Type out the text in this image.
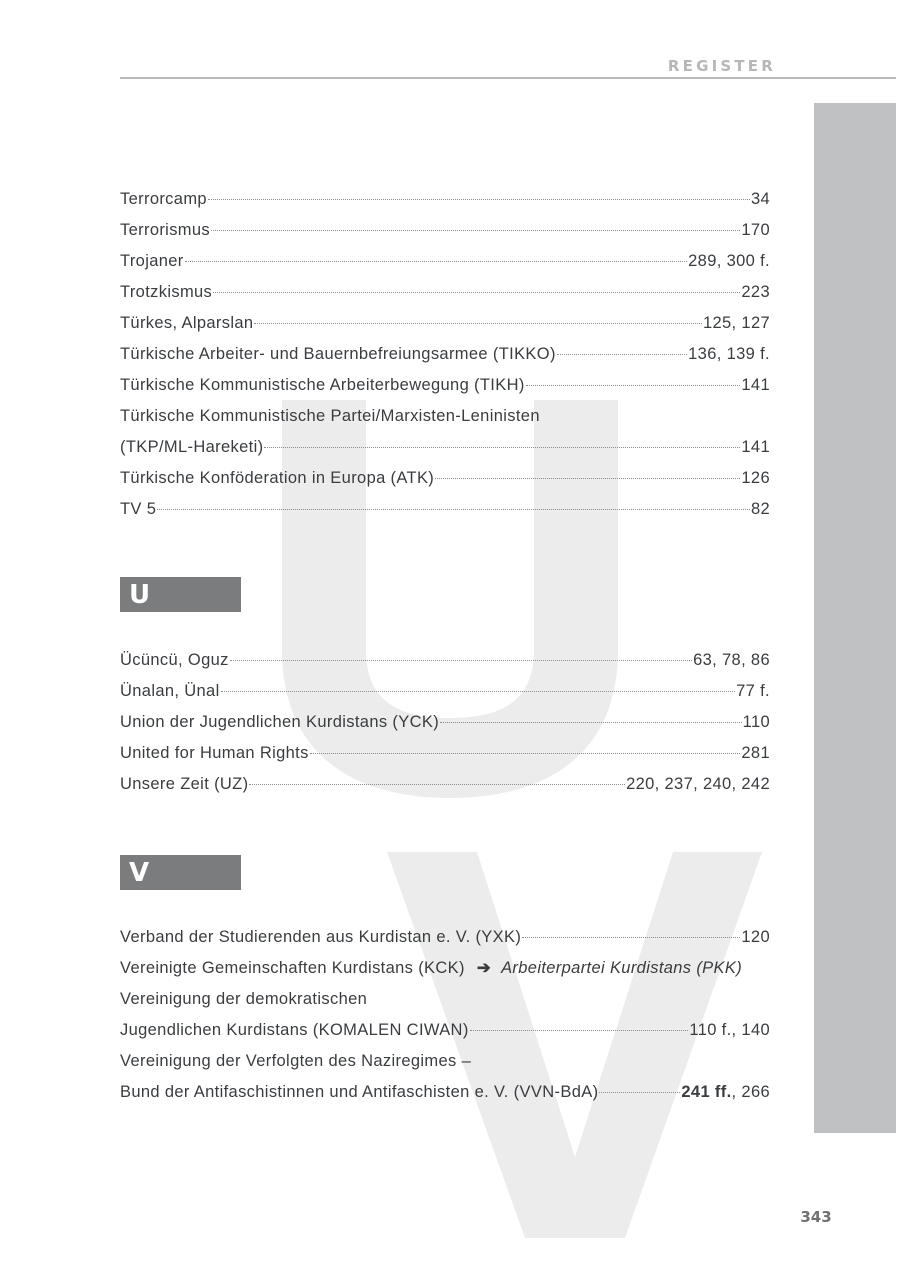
REGISTER
Terrorcamp	34
Terrorismus	170
Trojaner	289, 300 f.
Trotzkismus	223
Türkes, Alparslan	125, 127
Türkische Arbeiter- und Bauernbefreiungsarmee (TIKKO)	136, 139 f.
Türkische Kommunistische Arbeiterbewegung (TIKH)	141
Türkische Kommunistische Partei/Marxisten-Leninisten
(TKP/ML-Hareketi)	141
Türkische Konföderation in Europa (ATK)	126
TV 5	82
U
Ücüncü, Oguz	63, 78, 86
Ünalan, Ünal	77 f.
Union der Jugendlichen Kurdistans (YCK)	110
United for Human Rights	281
Unsere Zeit (UZ)	220, 237, 240, 242
V
Verband der Studierenden aus Kurdistan e. V. (YXK)	120
Vereinigte Gemeinschaften Kurdistans (KCK) ➔ Arbeiterpartei Kurdistans (PKK)
Vereinigung der demokratischen
Jugendlichen Kurdistans (KOMALEN CIWAN)	110 f., 140
Vereinigung der Verfolgten des Naziregimes –
Bund der Antifaschistinnen und Antifaschisten e. V. (VVN-BdA)	241 ff., 266
343
